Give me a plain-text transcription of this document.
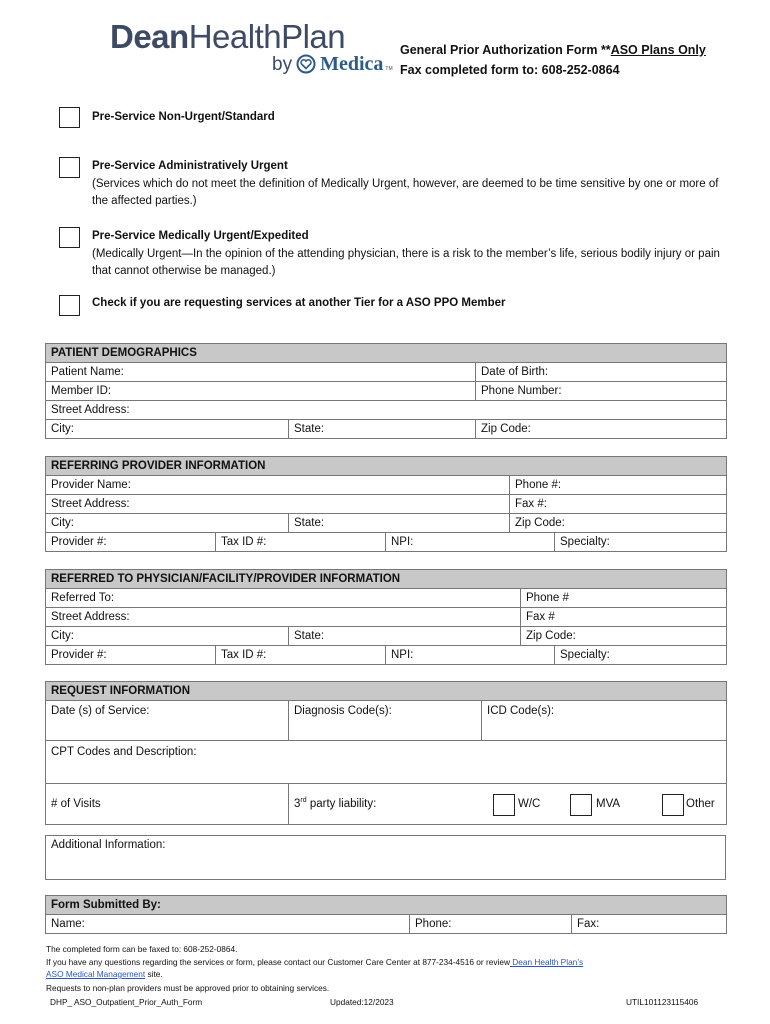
DeanHealthPlan
by Medica TM
General Prior Authorization Form **ASO Plans Only
Fax completed form to: 608-252-0864
Pre-Service Non-Urgent/Standard
Pre-Service Administratively Urgent
(Services which do not meet the definition of Medically Urgent, however, are deemed to be time sensitive by one or more of the affected parties.)
Pre-Service Medically Urgent/Expedited
(Medically Urgent—In the opinion of the attending physician, there is a risk to the member’s life, serious bodily injury or pain that cannot otherwise be managed.)
Check if you are requesting services at another Tier for a ASO PPO Member
PATIENT DEMOGRAPHICS		
Patient Name:		Date of Birth:
Member ID:		Phone Number:
Street Address:		
City:	State:	Zip Code:
REFERRING PROVIDER INFORMATION					
Provider Name:				Phone #:	
Street Address:				Fax #:	
City:		State:		Zip Code:	
Provider #:	Tax ID #:		NPI:		Specialty:
REFERRED TO PHYSICIAN/FACILITY/PROVIDER INFORMATION					
Referred To:				Phone #	
Street Address:				Fax #	
City:		State:		Zip Code:	
Provider #:	Tax ID #:		NPI:		Specialty:
REQUEST INFORMATION		
Date (s) of Service:	Diagnosis Code(s):	ICD Code(s):
CPT Codes and Description:		
# of Visits	3rd party liability: W/C MVA Other	
Additional Information:
Form Submitted By:
Name:	Phone:	Fax:
The completed form can be faxed to: 608-252-0864.
If you have any questions regarding the services or form, please contact our Customer Care Center at 877-234-4516 or review Dean Health Plan’s
ASO Medical Management site.
Requests to non-plan providers must be approved prior to obtaining services.
DHP_ ASO_Outpatient_Prior_Auth_Form	Updated:12/2023	UTIL101123115406
